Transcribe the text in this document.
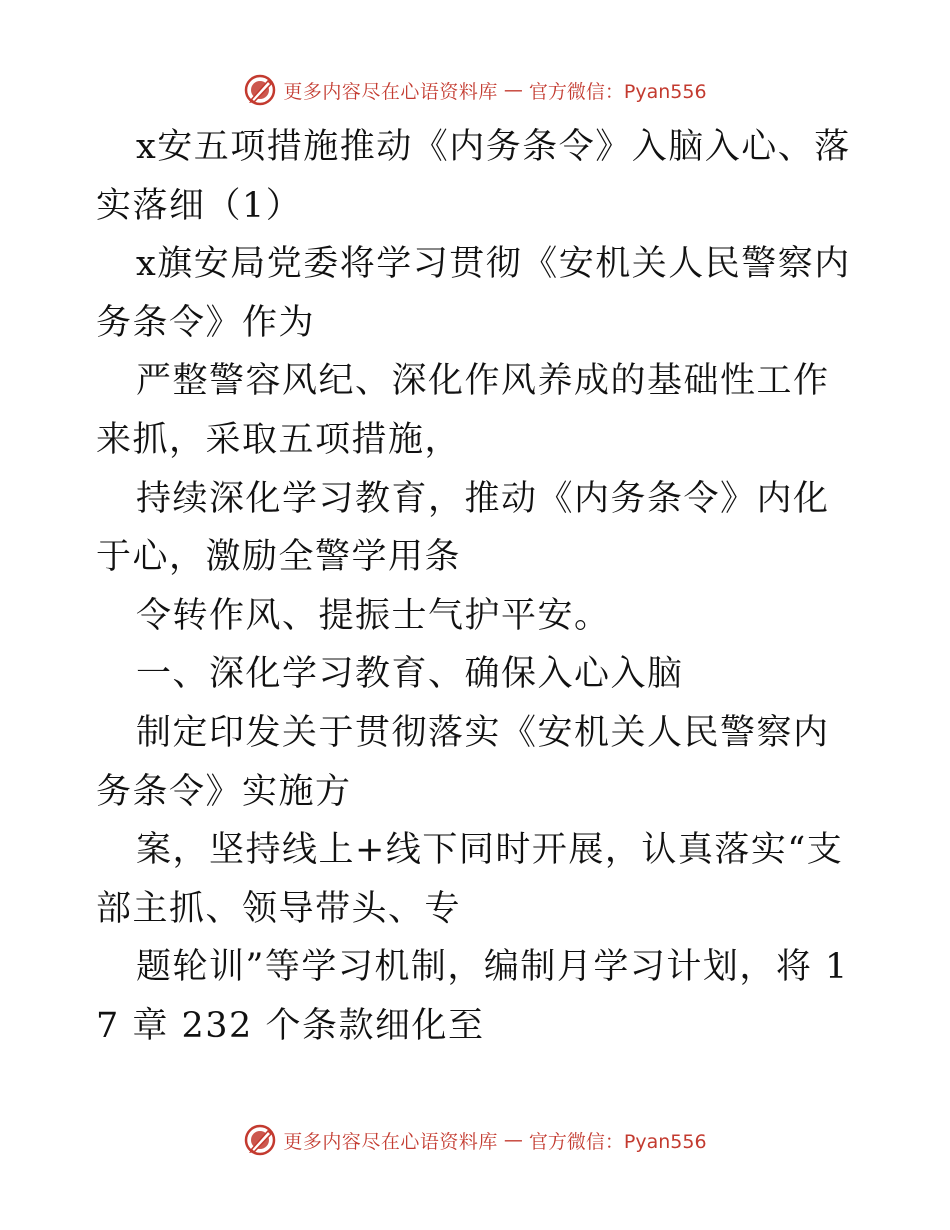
更多内容尽在心语资料库 — 官方微信：Pyan556

x安五项措施推动《内务条令》入脑入心、落实落细（1）

x旗安局党委将学习贯彻《安机关人民警察内务条令》作为

严整警容风纪、深化作风养成的基础性工作来抓，采取五项措施，

持续深化学习教育，推动《内务条令》内化于心，激励全警学用条

令转作风、提振士气护平安。

一、深化学习教育、确保入心入脑

制定印发关于贯彻落实《安机关人民警察内务条令》实施方

案，坚持线上+线下同时开展，认真落实“支部主抓、领导带头、专

题轮训”等学习机制，编制月学习计划，将 17 章 232 个条款细化至

更多内容尽在心语资料库 — 官方微信：Pyan556
